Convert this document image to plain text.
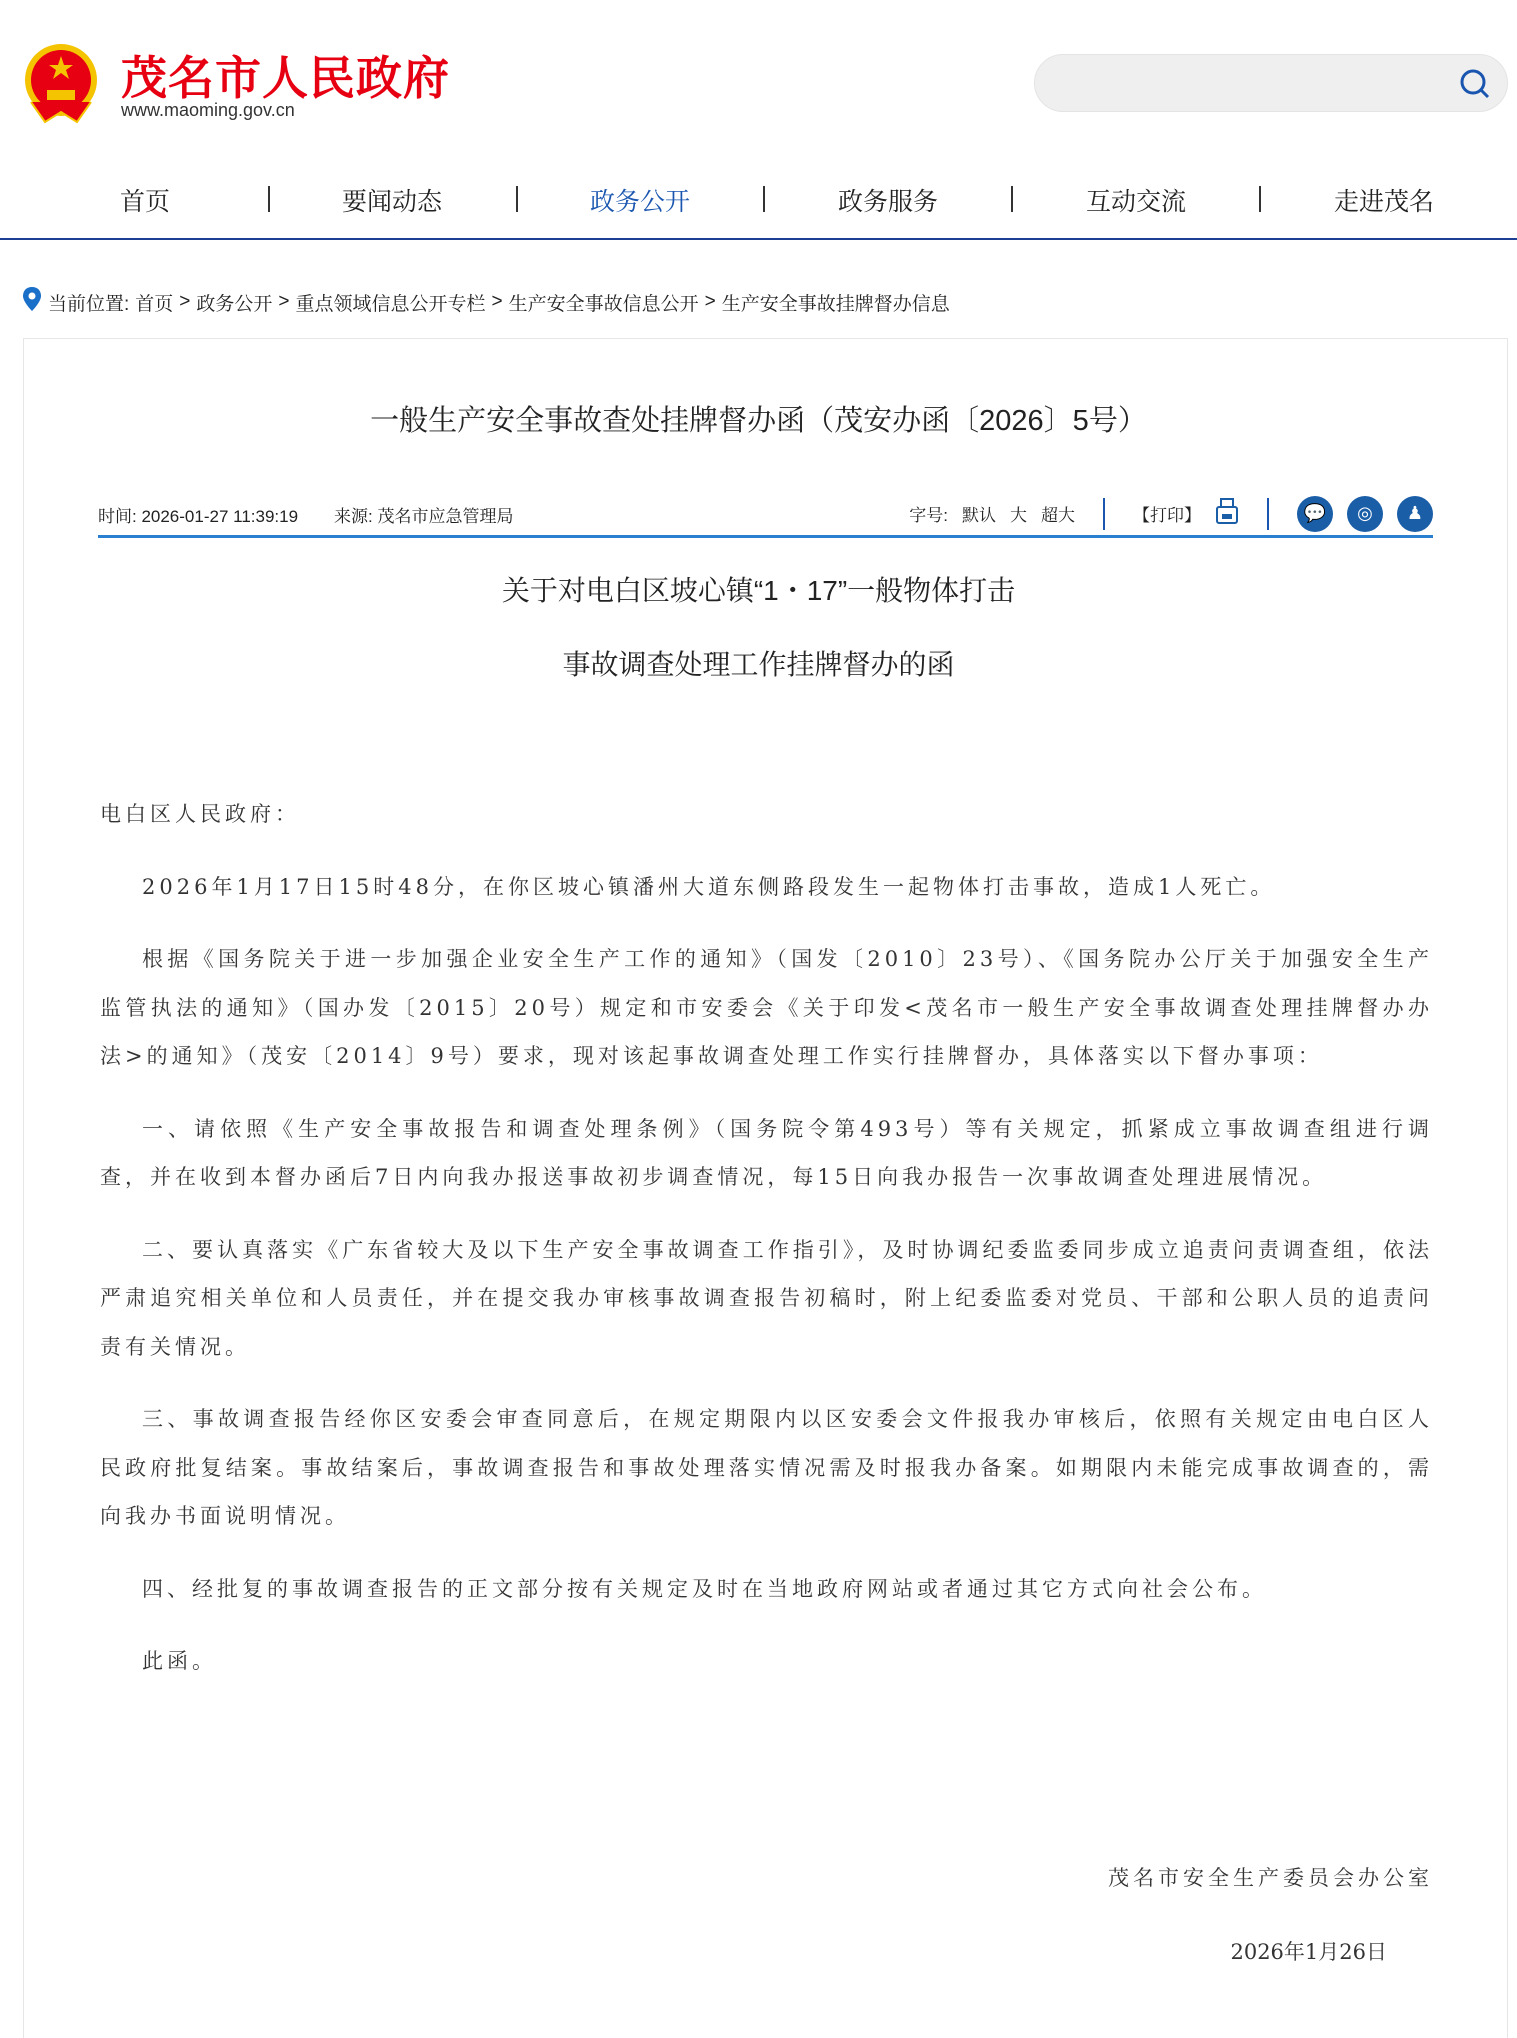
茂名市人民政府
www.maoming.gov.cn
首页	要闻动态	政务公开	政务服务	互动交流	走进茂名
当前位置: 首页 > 政务公开 > 重点领域信息公开专栏 > 生产安全事故信息公开 > 生产安全事故挂牌督办信息
一般生产安全事故查处挂牌督办函（茂安办函〔2026〕5号）
时间: 2026-01-27 11:39:19 来源: 茂名市应急管理局	字号: 默认 大 超大	【打印】	💬	◎	♟
关于对电白区坡心镇“1・17”一般物体打击
事故调查处理工作挂牌督办的函

电白区人民政府：

2026年1月17日15时48分，在你区坡心镇潘州大道东侧路段发生一起物体打击事故，造成1人死亡。

根据《国务院关于进一步加强企业安全生产工作的通知》（国发〔2010〕23号）、《国务院办公厅关于加强安全生产监管执法的通知》（国办发〔2015〕20号）规定和市安委会《关于印发<茂名市一般生产安全事故调查处理挂牌督办办法>的通知》（茂安〔2014〕9号）要求，现对该起事故调查处理工作实行挂牌督办，具体落实以下督办事项：

一、请依照《生产安全事故报告和调查处理条例》（国务院令第493号）等有关规定，抓紧成立事故调查组进行调查，并在收到本督办函后7日内向我办报送事故初步调查情况，每15日向我办报告一次事故调查处理进展情况。

二、要认真落实《广东省较大及以下生产安全事故调查工作指引》，及时协调纪委监委同步成立追责问责调查组，依法严肃追究相关单位和人员责任，并在提交我办审核事故调查报告初稿时，附上纪委监委对党员、干部和公职人员的追责问责有关情况。

三、事故调查报告经你区安委会审查同意后，在规定期限内以区安委会文件报我办审核后，依照有关规定由电白区人民政府批复结案。事故结案后，事故调查报告和事故处理落实情况需及时报我办备案。如期限内未能完成事故调查的，需向我办书面说明情况。

四、经批复的事故调查报告的正文部分按有关规定及时在当地政府网站或者通过其它方式向社会公布。

此函。

茂名市安全生产委员会办公室
2026年1月26日
